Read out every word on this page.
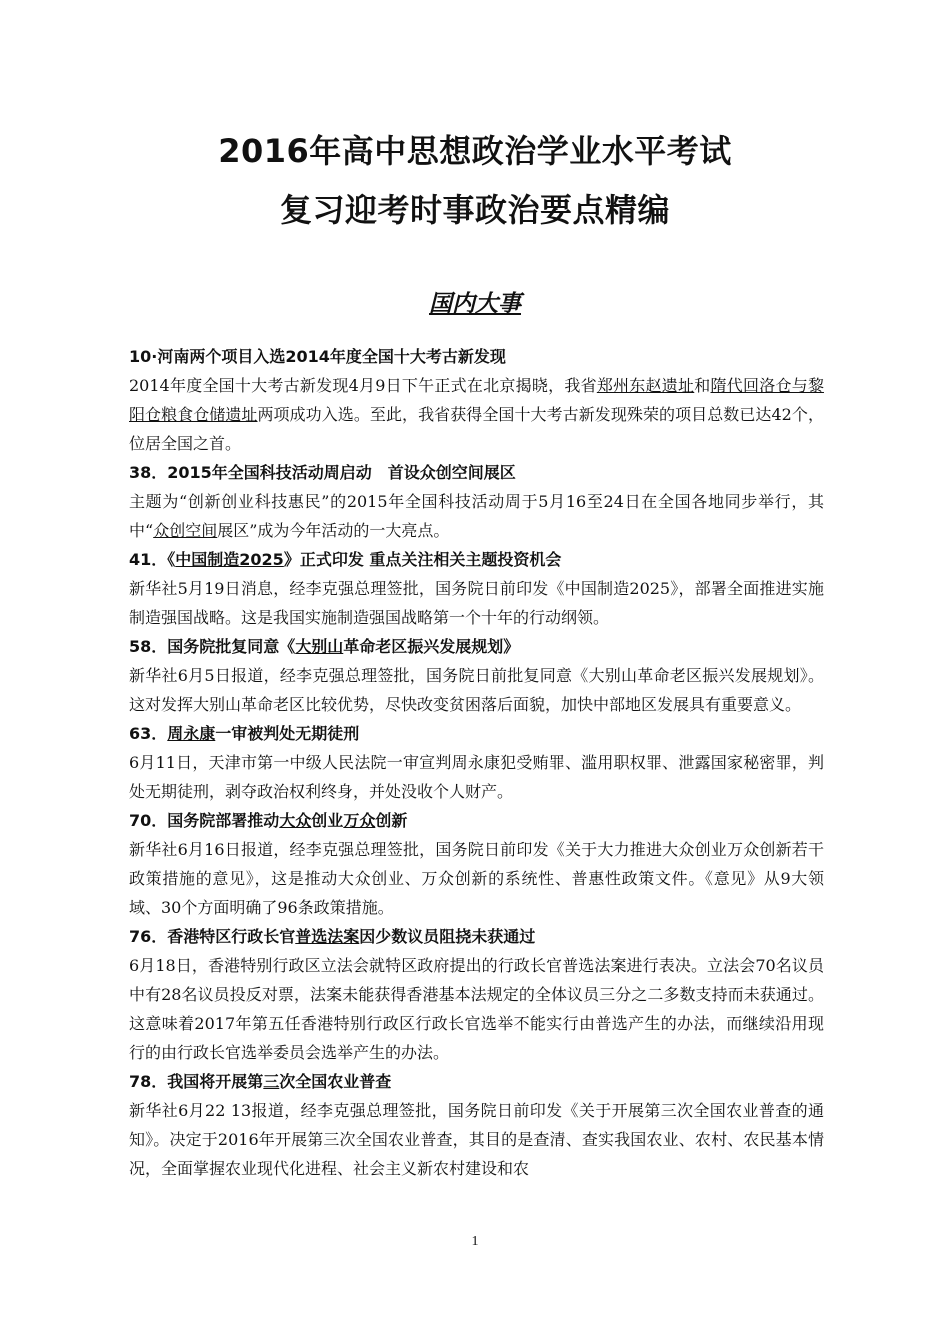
2016年高中思想政治学业水平考试
复习迎考时事政治要点精编
国内大事
10·河南两个项目入选2014年度全国十大考古新发现

2014年度全国十大考古新发现4月9日下午正式在北京揭晓，我省郑州东赵遗址和隋代回洛仓与黎阳仓粮食仓储遗址两项成功入选。至此，我省获得全国十大考古新发现殊荣的项目总数已达42个，位居全国之首。

38．2015年全国科技活动周启动　首设众创空间展区

主题为“创新创业科技惠民”的2015年全国科技活动周于5月16至24日在全国各地同步举行，其中“众创空间展区”成为今年活动的一大亮点。

41．《中国制造2025》正式印发 重点关注相关主题投资机会

新华社5月19日消息，经李克强总理签批，国务院日前印发《中国制造2025》，部署全面推进实施制造强国战略。这是我国实施制造强国战略第一个十年的行动纲领。

58．国务院批复同意《大别山革命老区振兴发展规划》

新华社6月5日报道，经李克强总理签批，国务院日前批复同意《大别山革命老区振兴发展规划》。这对发挥大别山革命老区比较优势，尽快改变贫困落后面貌，加快中部地区发展具有重要意义。

63．周永康一审被判处无期徒刑

6月11日，天津市第一中级人民法院一审宣判周永康犯受贿罪、滥用职权罪、泄露国家秘密罪，判处无期徒刑，剥夺政治权利终身，并处没收个人财产。

70．国务院部署推动大众创业万众创新

新华社6月16日报道，经李克强总理签批，国务院日前印发《关于大力推进大众创业万众创新若干政策措施的意见》，这是推动大众创业、万众创新的系统性、普惠性政策文件。《意见》从9大领域、30个方面明确了96条政策措施。

76．香港特区行政长官普选法案因少数议员阻挠未获通过

6月18日，香港特别行政区立法会就特区政府提出的行政长官普选法案进行表决。立法会70名议员中有28名议员投反对票，法案未能获得香港基本法规定的全体议员三分之二多数支持而未获通过。这意味着2017年第五任香港特别行政区行政长官选举不能实行由普选产生的办法，而继续沿用现行的由行政长官选举委员会选举产生的办法。

78．我国将开展第三次全国农业普查

新华社6月22 13报道，经李克强总理签批，国务院日前印发《关于开展第三次全国农业普查的通知》。决定于2016年开展第三次全国农业普查，其目的是查清、查实我国农业、农村、农民基本情况，全面掌握农业现代化进程、社会主义新农村建设和农

1
